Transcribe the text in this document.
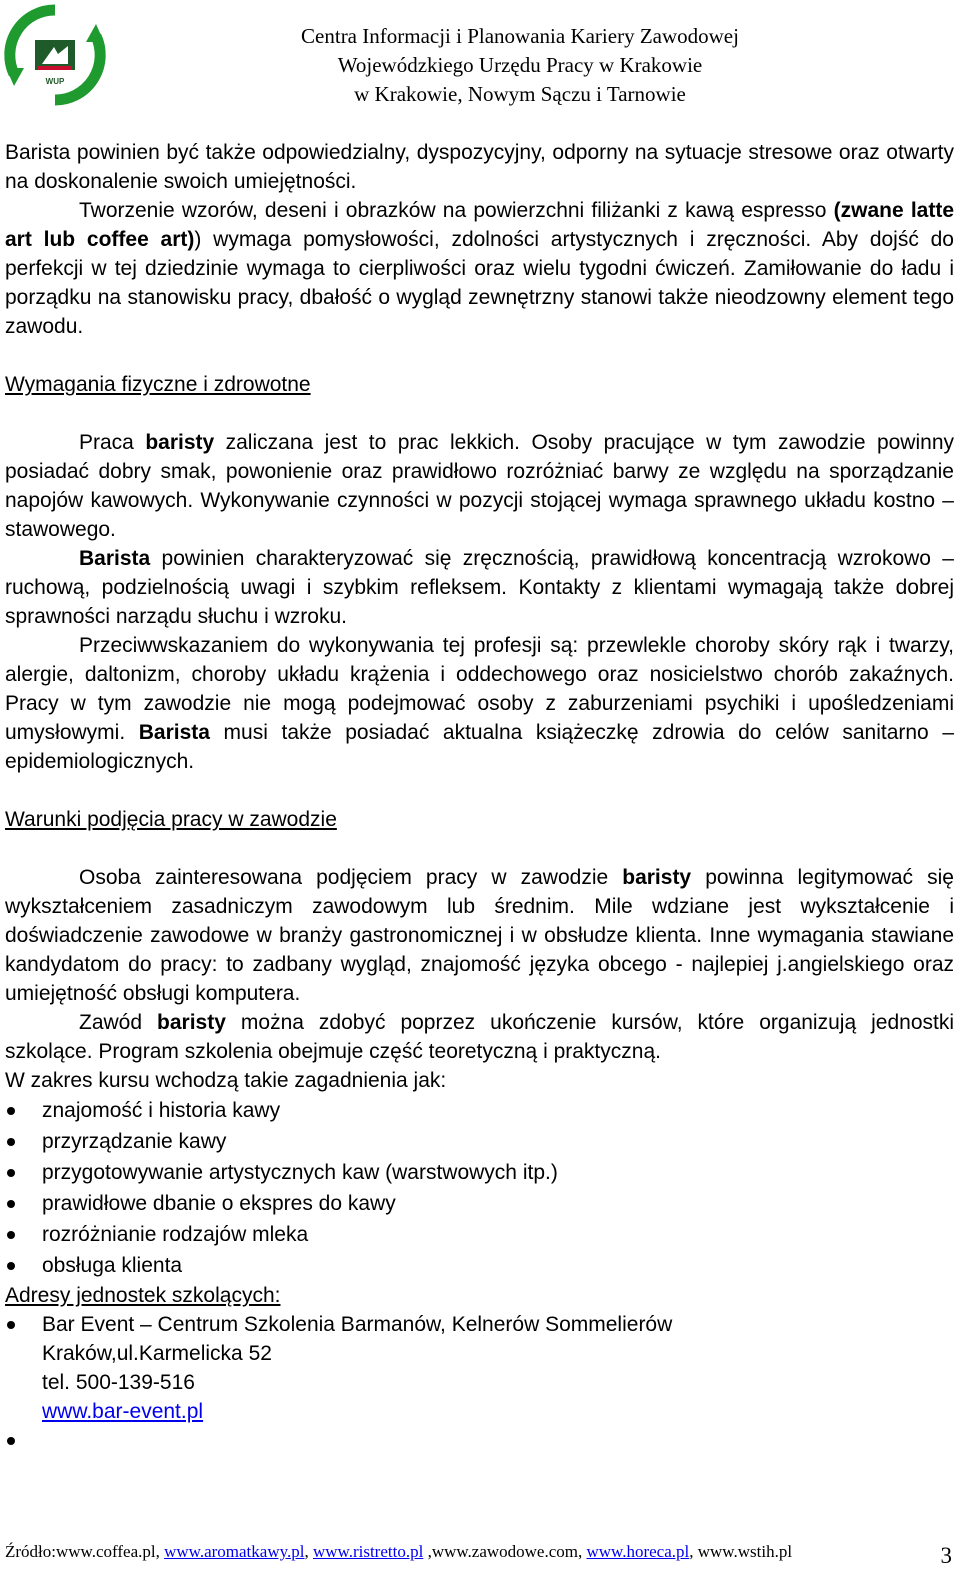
WUP
Centra Informacji i Planowania Kariery Zawodowej
Wojewódzkiego Urzędu Pracy w Krakowie
w Krakowie, Nowym Sączu i Tarnowie

Barista powinien być także odpowiedzialny, dyspozycyjny, odporny na sytuacje stresowe oraz otwarty na doskonalenie swoich umiejętności.

Tworzenie wzorów, deseni i obrazków na powierzchni filiżanki z kawą espresso (zwane latte art lub coffee art)) wymaga pomysłowości, zdolności artystycznych i zręczności. Aby dojść do perfekcji w tej dziedzinie wymaga to cierpliwości oraz wielu tygodni ćwiczeń. Zamiłowanie do ładu i porządku na stanowisku pracy, dbałość o wygląd zewnętrzny stanowi także nieodzowny element tego zawodu.

Wymagania fizyczne i zdrowotne

Praca baristy zaliczana jest to prac lekkich. Osoby pracujące w tym zawodzie powinny posiadać dobry smak, powonienie oraz prawidłowo rozróżniać barwy ze względu na sporządzanie napojów kawowych. Wykonywanie czynności w pozycji stojącej wymaga sprawnego układu kostno – stawowego.

Barista powinien charakteryzować się zręcznością, prawidłową koncentracją wzrokowo – ruchową, podzielnością uwagi i szybkim refleksem. Kontakty z klientami wymagają także dobrej sprawności narządu słuchu i wzroku.

Przeciwwskazaniem do wykonywania tej profesji są: przewlekle choroby skóry rąk i twarzy, alergie, daltonizm, choroby układu krążenia i oddechowego oraz nosicielstwo chorób zakaźnych. Pracy w tym zawodzie nie mogą podejmować osoby z zaburzeniami psychiki i upośledzeniami umysłowymi. Barista musi także posiadać aktualna książeczkę zdrowia do celów sanitarno – epidemiologicznych.

Warunki podjęcia pracy w zawodzie

Osoba zainteresowana podjęciem pracy w zawodzie baristy powinna legitymować się wykształceniem zasadniczym zawodowym lub średnim. Mile wdziane jest wykształcenie i doświadczenie zawodowe w branży gastronomicznej i w obsłudze klienta. Inne wymagania stawiane kandydatom do pracy: to zadbany wygląd, znajomość języka obcego - najlepiej j.angielskiego oraz umiejętność obsługi komputera.

Zawód baristy można zdobyć poprzez ukończenie kursów, które organizują jednostki szkolące. Program szkolenia obejmuje część teoretyczną i praktyczną.

W zakres kursu wchodzą takie zagadnienia jak:

znajomość i historia kawy
przyrządzanie kawy
przygotowywanie artystycznych kaw (warstwowych itp.)
prawidłowe dbanie o ekspres do kawy
rozróżnianie rodzajów mleka
obsługa klienta

Adresy jednostek szkolących:

Bar Event – Centrum Szkolenia Barmanów, Kelnerów Sommelierów
Kraków,ul.Karmelicka 52
tel. 500-139-516
www.bar-event.pl

Źródło:www.coffea.pl, www.aromatkawy.pl, www.ristretto.pl ,www.zawodowe.com, www.horeca.pl, www.wstih.pl	3
